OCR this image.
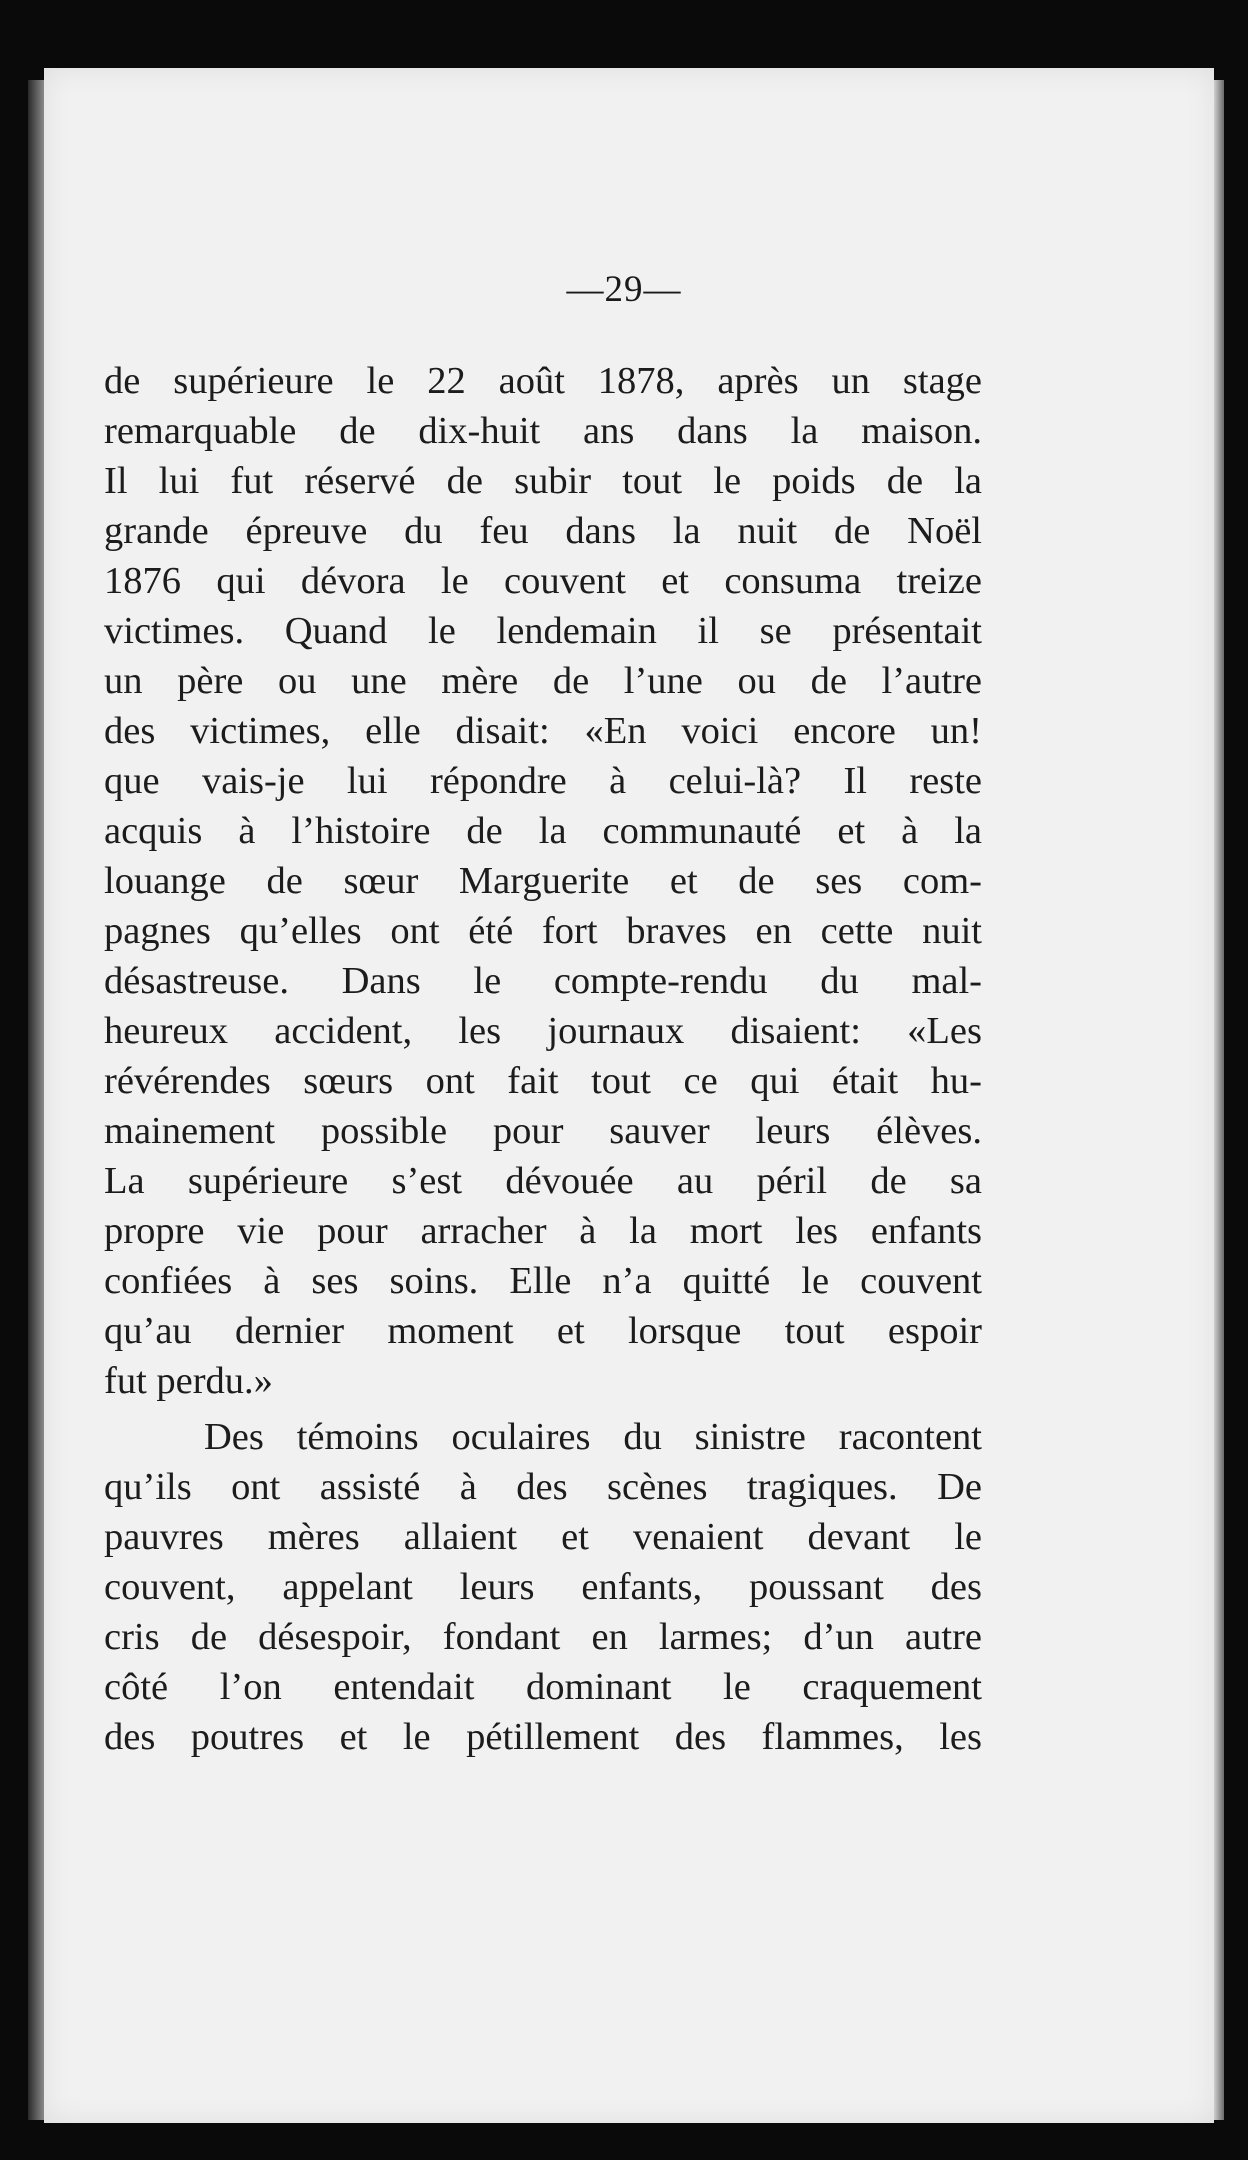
—29—
de supérieure le 22 août 1878, après un stage
remarquable de dix-huit ans dans la maison.
Il lui fut réservé de subir tout le poids de la
grande épreuve du feu dans la nuit de Noël
1876 qui dévora le couvent et consuma treize
victimes. Quand le lendemain il se présentait
un père ou une mère de l’une ou de l’autre
des victimes, elle disait: «En voici encore un!
que vais-je lui répondre à celui-là? Il reste
acquis à l’histoire de la communauté et à la
louange de sœur Marguerite et de ses com-
pagnes qu’elles ont été fort braves en cette nuit
désastreuse. Dans le compte-rendu du mal-
heureux accident, les journaux disaient: «Les
révérendes sœurs ont fait tout ce qui était hu-
mainement possible pour sauver leurs élèves.
La supérieure s’est dévouée au péril de sa
propre vie pour arracher à la mort les enfants
confiées à ses soins. Elle n’a quitté le couvent
qu’au dernier moment et lorsque tout espoir
fut perdu.»
Des témoins oculaires du sinistre racontent
qu’ils ont assisté à des scènes tragiques. De
pauvres mères allaient et venaient devant le
couvent, appelant leurs enfants, poussant des
cris de désespoir, fondant en larmes; d’un autre
côté l’on entendait dominant le craquement
des poutres et le pétillement des flammes, les
